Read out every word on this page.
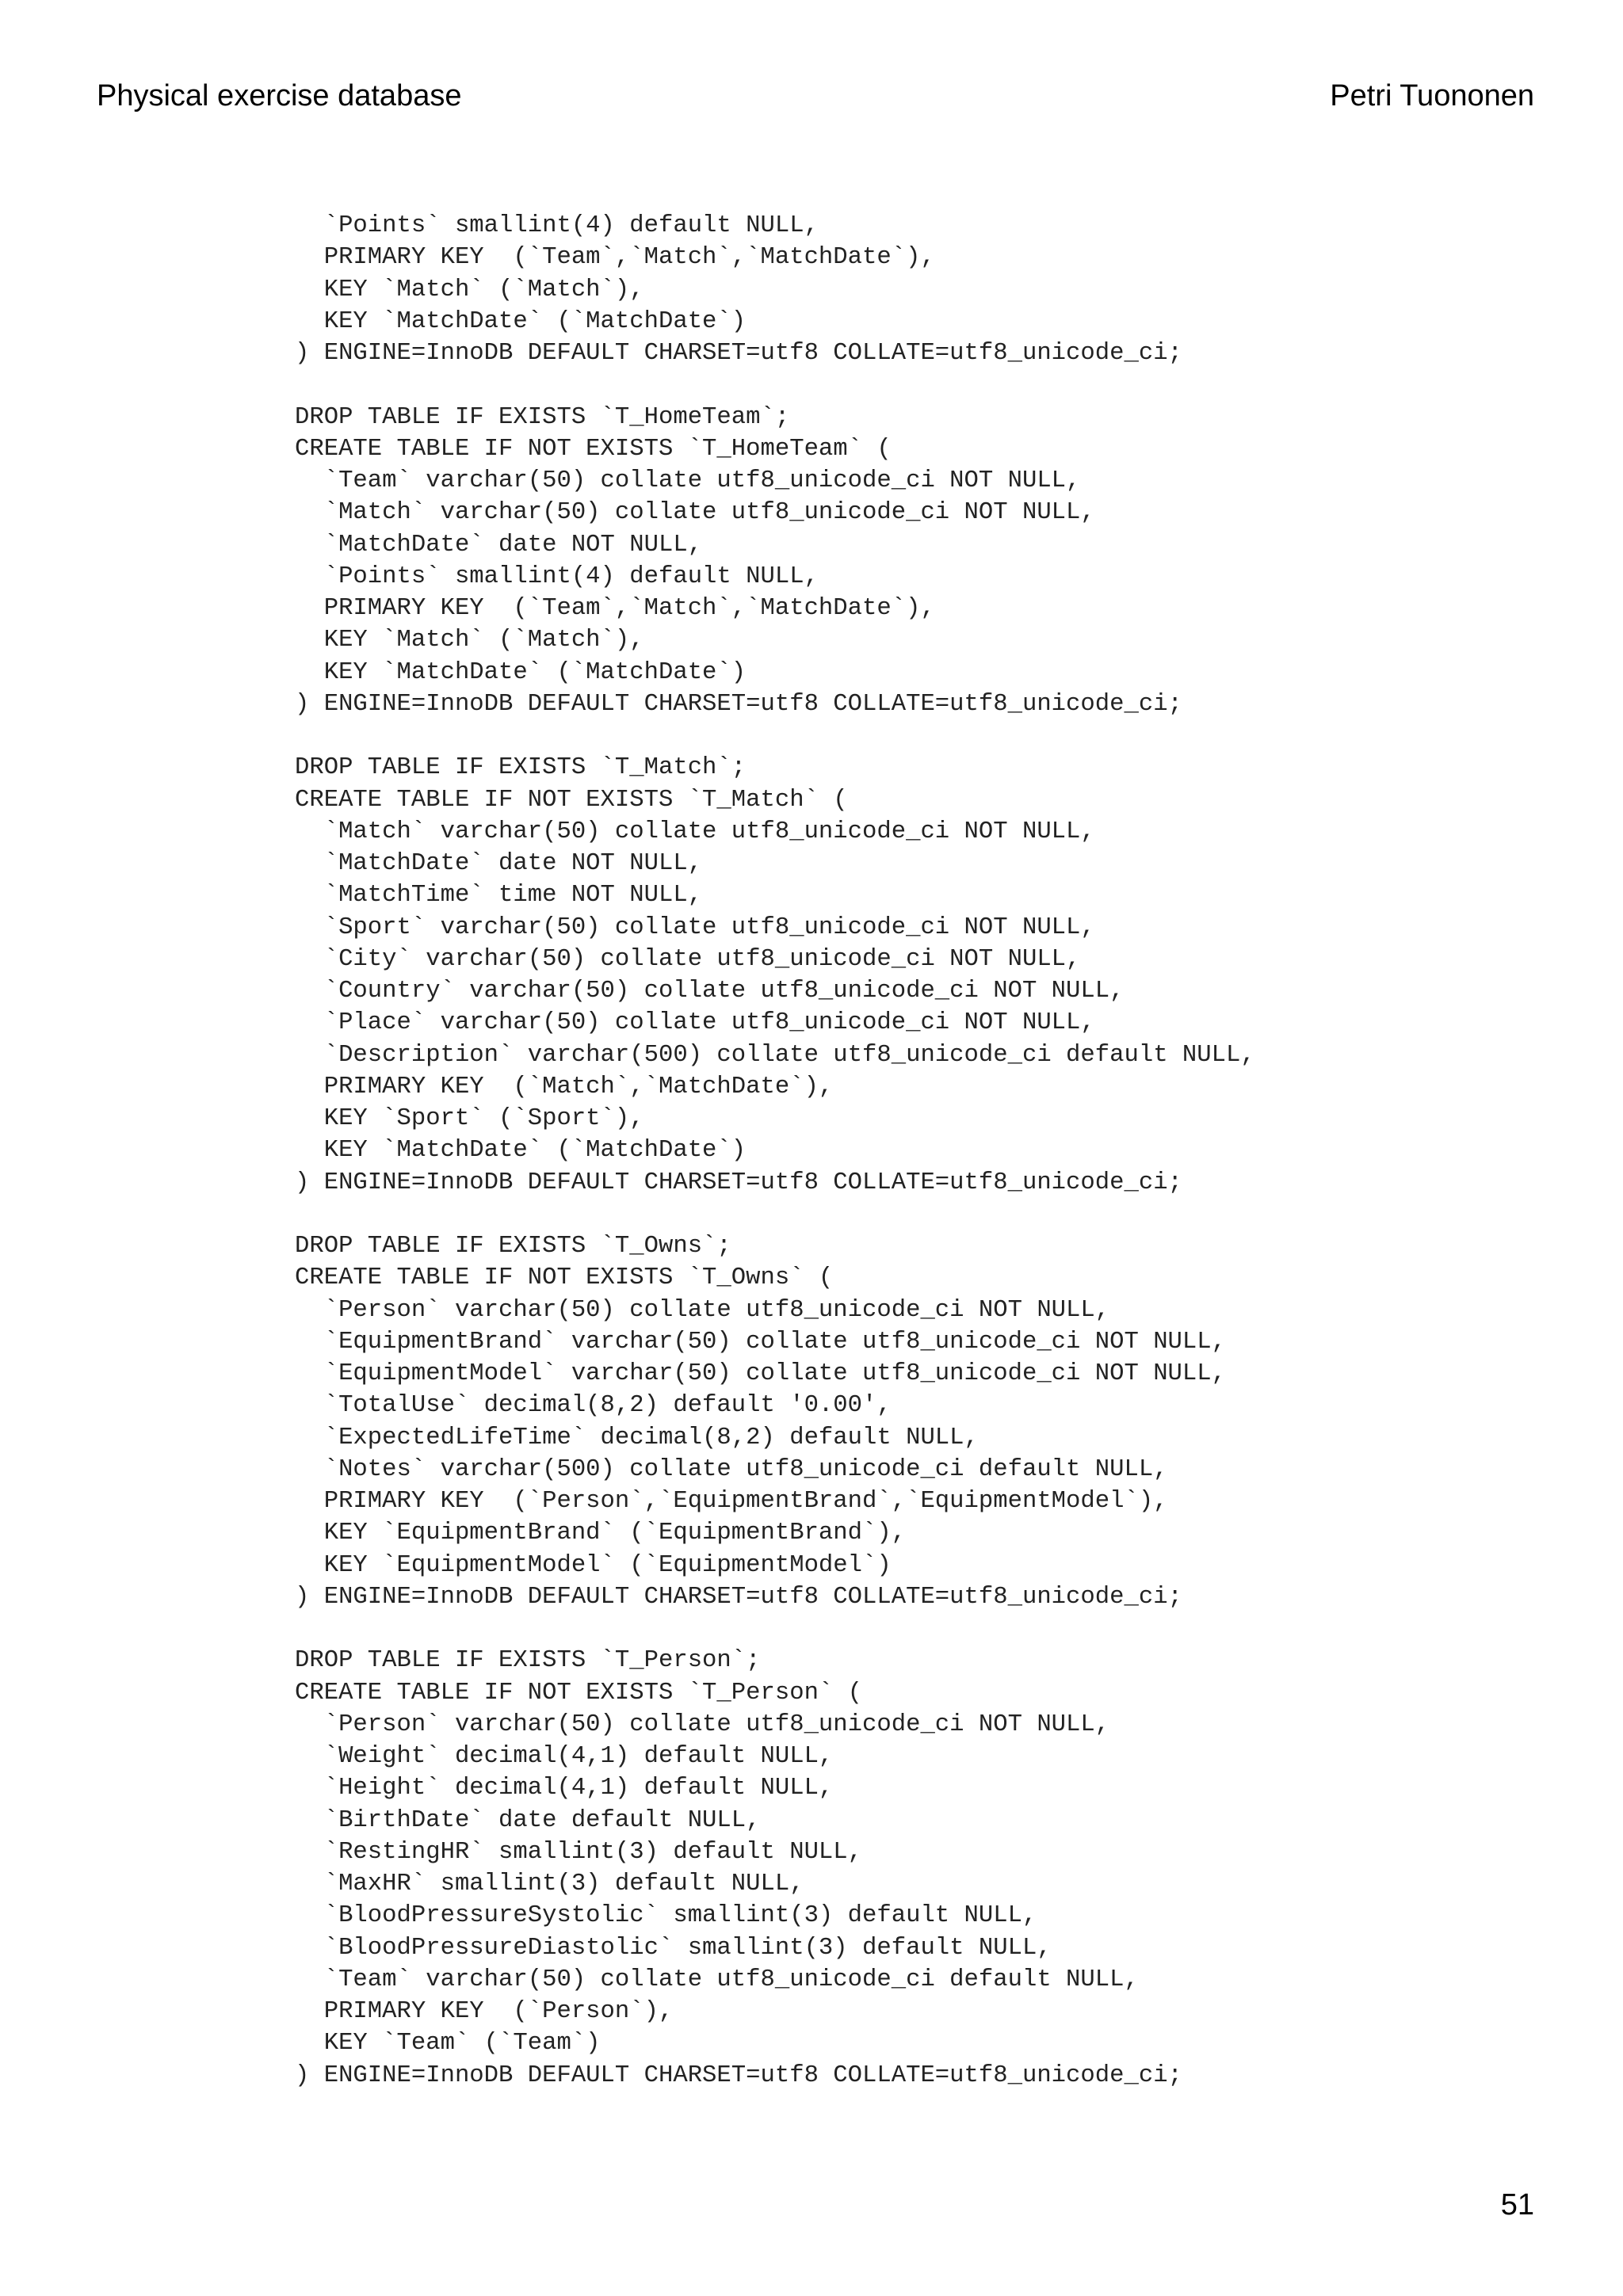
Physical exercise database	Petri Tuononen
`Points` smallint(4) default NULL,
PRIMARY KEY  (`Team`,`Match`,`MatchDate`),
KEY `Match` (`Match`),
KEY `MatchDate` (`MatchDate`)
) ENGINE=InnoDB DEFAULT CHARSET=utf8 COLLATE=utf8_unicode_ci;
DROP TABLE IF EXISTS `T_HomeTeam`;
CREATE TABLE IF NOT EXISTS `T_HomeTeam` (
`Team` varchar(50) collate utf8_unicode_ci NOT NULL,
`Match` varchar(50) collate utf8_unicode_ci NOT NULL,
`MatchDate` date NOT NULL,
`Points` smallint(4) default NULL,
PRIMARY KEY  (`Team`,`Match`,`MatchDate`),
KEY `Match` (`Match`),
KEY `MatchDate` (`MatchDate`)
) ENGINE=InnoDB DEFAULT CHARSET=utf8 COLLATE=utf8_unicode_ci;
DROP TABLE IF EXISTS `T_Match`;
CREATE TABLE IF NOT EXISTS `T_Match` (
`Match` varchar(50) collate utf8_unicode_ci NOT NULL,
`MatchDate` date NOT NULL,
`MatchTime` time NOT NULL,
`Sport` varchar(50) collate utf8_unicode_ci NOT NULL,
`City` varchar(50) collate utf8_unicode_ci NOT NULL,
`Country` varchar(50) collate utf8_unicode_ci NOT NULL,
`Place` varchar(50) collate utf8_unicode_ci NOT NULL,
`Description` varchar(500) collate utf8_unicode_ci default NULL,
PRIMARY KEY  (`Match`,`MatchDate`),
KEY `Sport` (`Sport`),
KEY `MatchDate` (`MatchDate`)
) ENGINE=InnoDB DEFAULT CHARSET=utf8 COLLATE=utf8_unicode_ci;
DROP TABLE IF EXISTS `T_Owns`;
CREATE TABLE IF NOT EXISTS `T_Owns` (
`Person` varchar(50) collate utf8_unicode_ci NOT NULL,
`EquipmentBrand` varchar(50) collate utf8_unicode_ci NOT NULL,
`EquipmentModel` varchar(50) collate utf8_unicode_ci NOT NULL,
`TotalUse` decimal(8,2) default '0.00',
`ExpectedLifeTime` decimal(8,2) default NULL,
`Notes` varchar(500) collate utf8_unicode_ci default NULL,
PRIMARY KEY  (`Person`,`EquipmentBrand`,`EquipmentModel`),
KEY `EquipmentBrand` (`EquipmentBrand`),
KEY `EquipmentModel` (`EquipmentModel`)
) ENGINE=InnoDB DEFAULT CHARSET=utf8 COLLATE=utf8_unicode_ci;
DROP TABLE IF EXISTS `T_Person`;
CREATE TABLE IF NOT EXISTS `T_Person` (
`Person` varchar(50) collate utf8_unicode_ci NOT NULL,
`Weight` decimal(4,1) default NULL,
`Height` decimal(4,1) default NULL,
`BirthDate` date default NULL,
`RestingHR` smallint(3) default NULL,
`MaxHR` smallint(3) default NULL,
`BloodPressureSystolic` smallint(3) default NULL,
`BloodPressureDiastolic` smallint(3) default NULL,
`Team` varchar(50) collate utf8_unicode_ci default NULL,
PRIMARY KEY  (`Person`),
KEY `Team` (`Team`)
) ENGINE=InnoDB DEFAULT CHARSET=utf8 COLLATE=utf8_unicode_ci;
51
